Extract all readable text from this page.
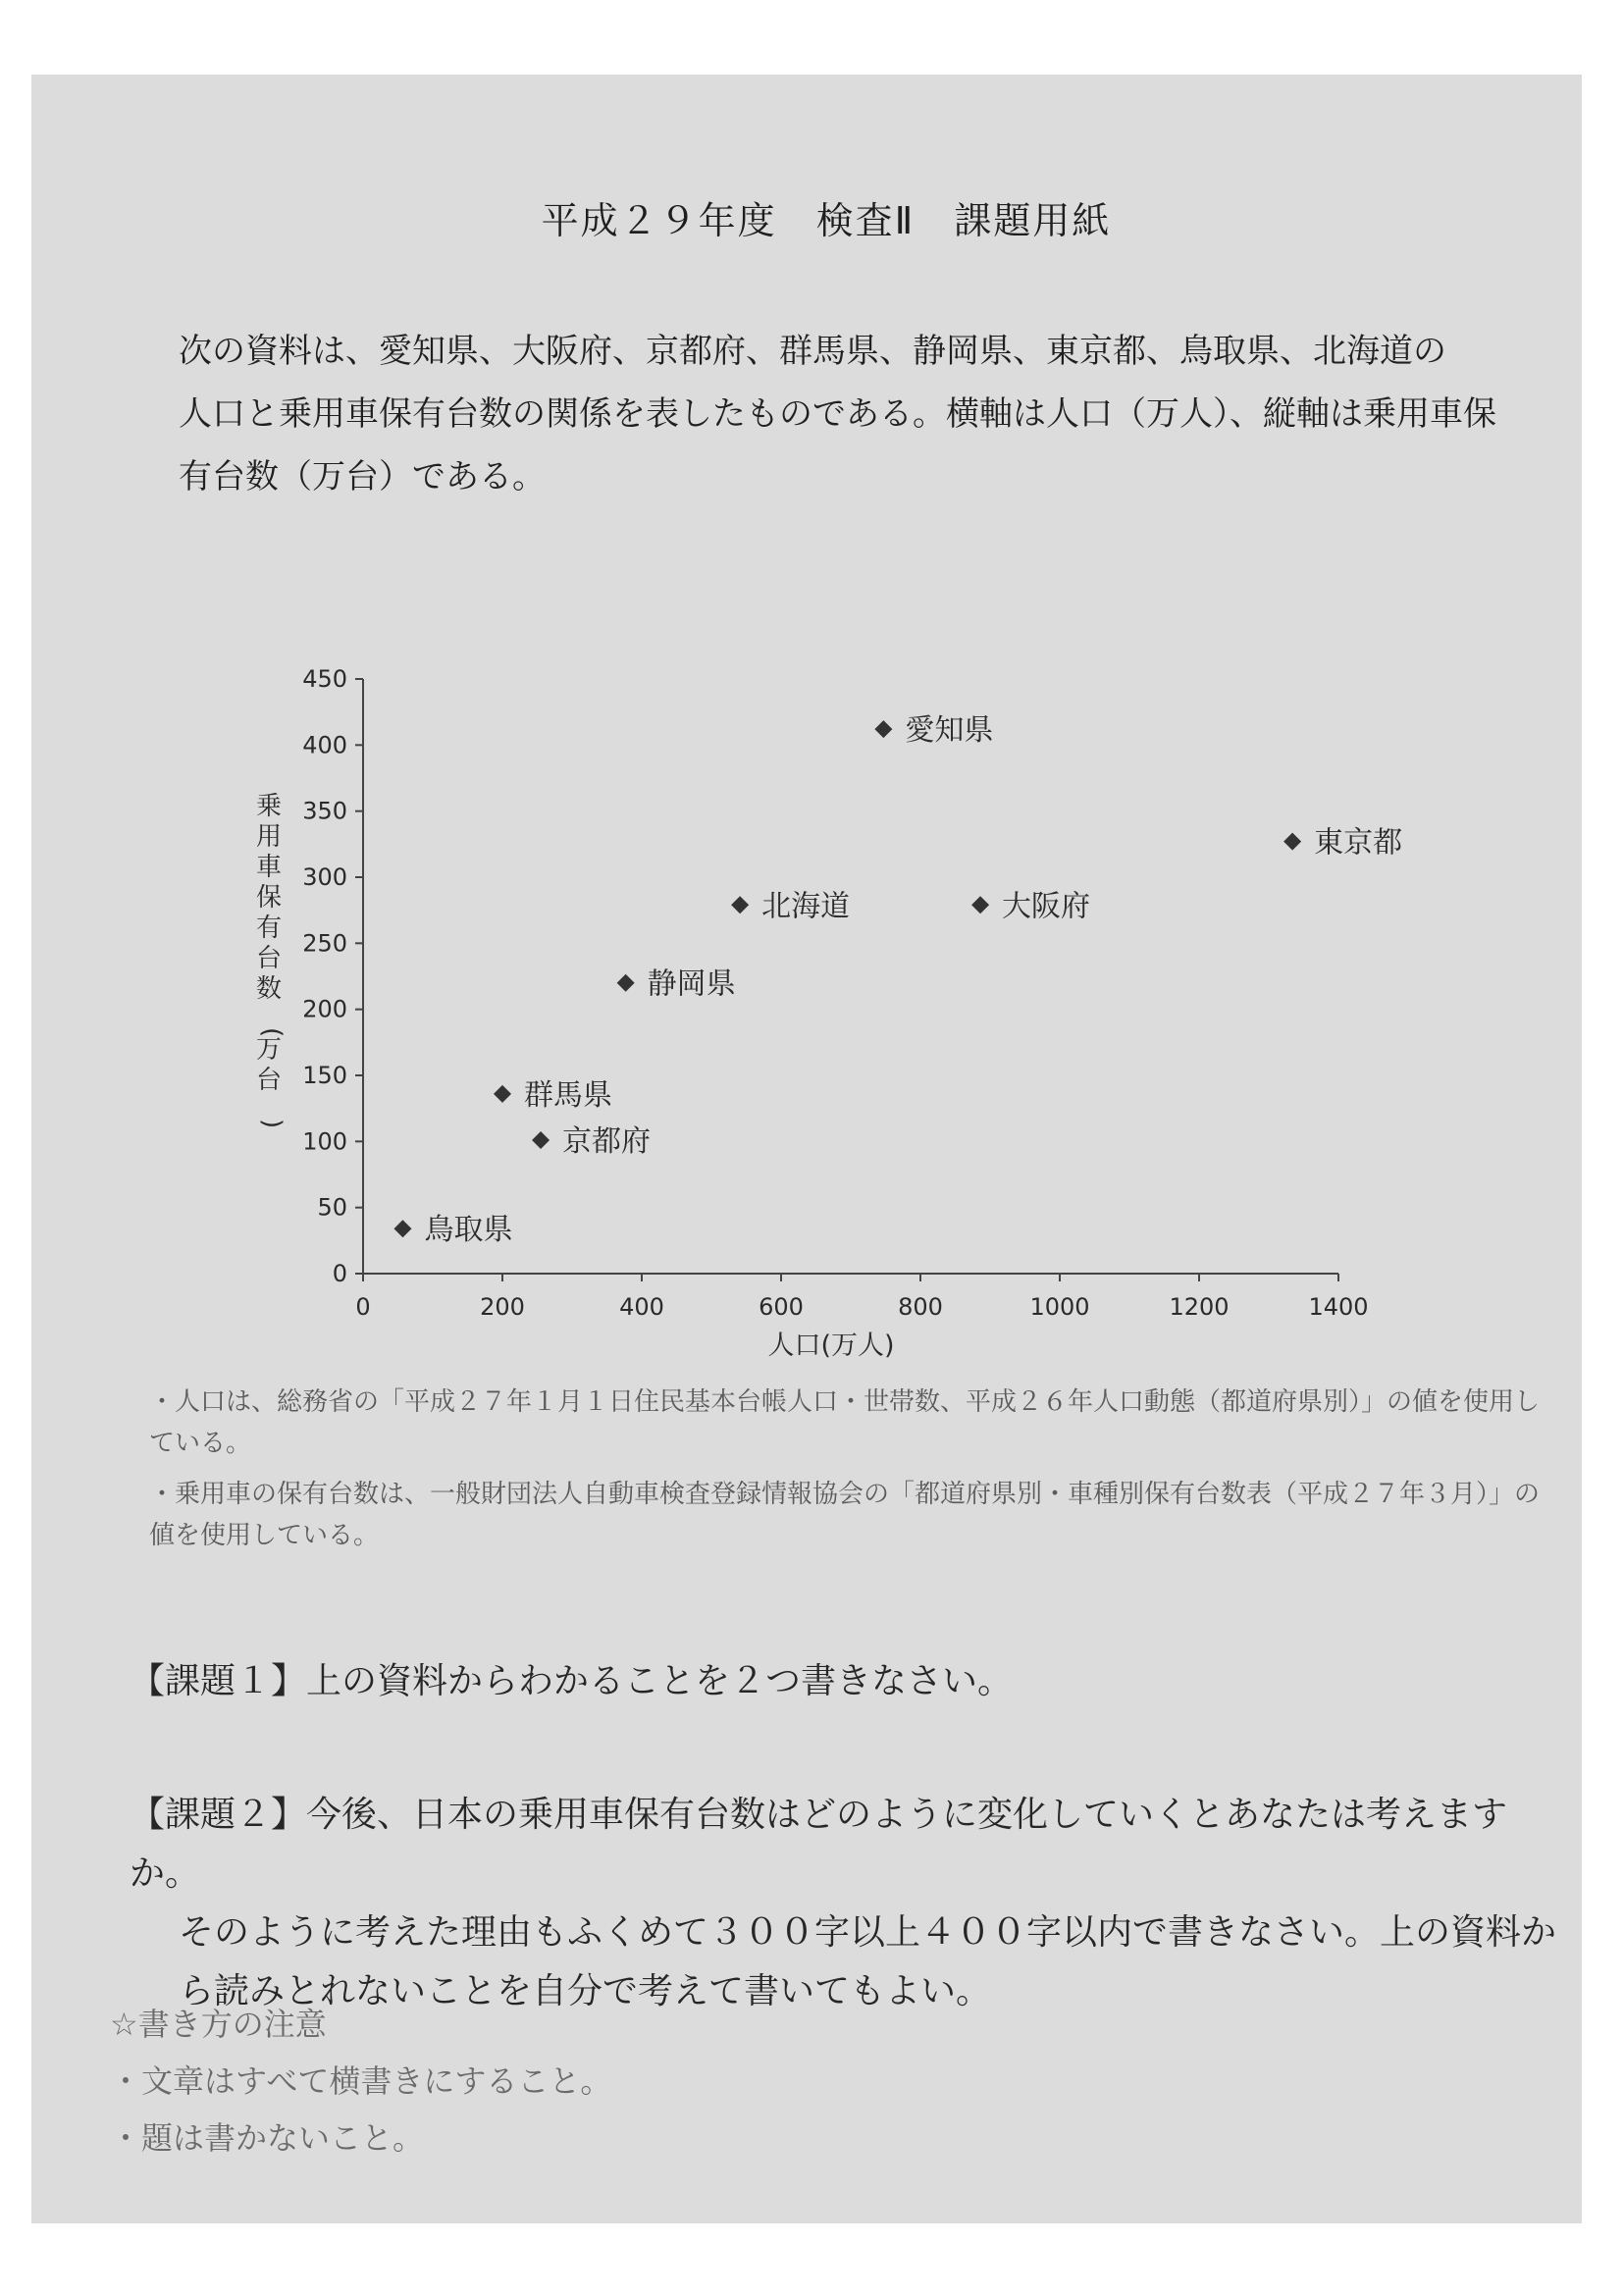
平成２９年度　検査Ⅱ　課題用紙

次の資料は、愛知県、大阪府、京都府、群馬県、静岡県、東京都、鳥取県、北海道の

人口と乗用車保有台数の関係を表したものである。横軸は人口（万人）、縦軸は乗用車保

有台数（万台）である。

0
50
100
150
200
250
300
350
400
450
0	200	400	600	800	1000	1200	1400
人口(万人)
乗用車保有台数(万台)
愛知県
東京都
北海道	大阪府
静岡県
群馬県
京都府
鳥取県

・人口は、総務省の「平成２７年１月１日住民基本台帳人口・世帯数、平成２６年人口動態（都道府県別）」の値を使用している。

・乗用車の保有台数は、一般財団法人自動車検査登録情報協会の「都道府県別・車種別保有台数表（平成２７年３月）」の値を使用している。

【課題１】上の資料からわかることを２つ書きなさい。

【課題２】今後、日本の乗用車保有台数はどのように変化していくとあなたは考えますか。

そのように考えた理由もふくめて３００字以上４００字以内で書きなさい。上の資料か

ら読みとれないことを自分で考えて書いてもよい。

☆書き方の注意

・文章はすべて横書きにすること。

・題は書かないこと。
